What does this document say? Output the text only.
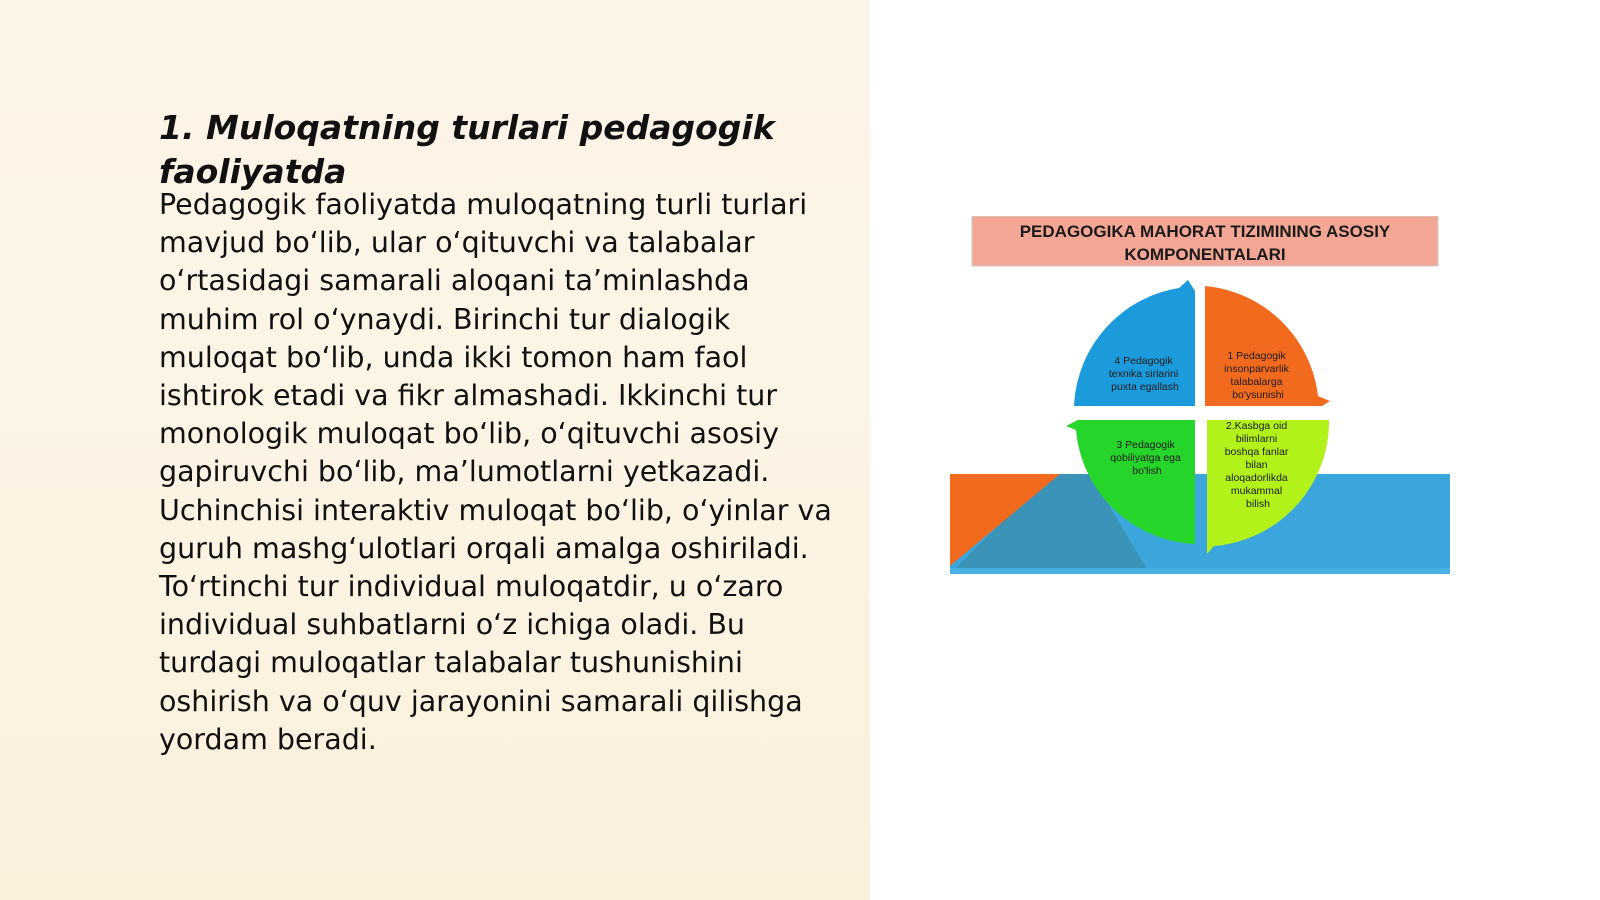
1. Muloqatning turlari pedagogik faoliyatda

Pedagogik faoliyatda muloqatning turli turlari mavjud bo‘lib, ular o‘qituvchi va talabalar o‘rtasidagi samarali aloqani ta’minlashda muhim rol o‘ynaydi. Birinchi tur dialogik muloqat bo‘lib, unda ikki tomon ham faol ishtirok etadi va fikr almashadi. Ikkinchi tur monologik muloqat bo‘lib, o‘qituvchi asosiy gapiruvchi bo‘lib, ma’lumotlarni yetkazadi. Uchinchisi interaktiv muloqat bo‘lib, o‘yinlar va guruh mashg‘ulotlari orqali amalga oshiriladi. To‘rtinchi tur individual muloqatdir, u o‘zaro individual suhbatlarni o‘z ichiga oladi. Bu turdagi muloqatlar talabalar tushunishini oshirish va o‘quv jarayonini samarali qilishga yordam beradi.

PEDAGOGIKA MAHORAT TIZIMINING ASOSIY
KOMPONENTALARI
4 Pedagogik texnika sirlarini puxta egallash
1 Pedagogik insonparvarlik talabalarga bo'ysunishi
3 Pedagogik qobiliyatga ega bo'lish
2.Kasbga oid bilimlarni boshqa fanlar bilan aloqadorlikda mukammal bilish
